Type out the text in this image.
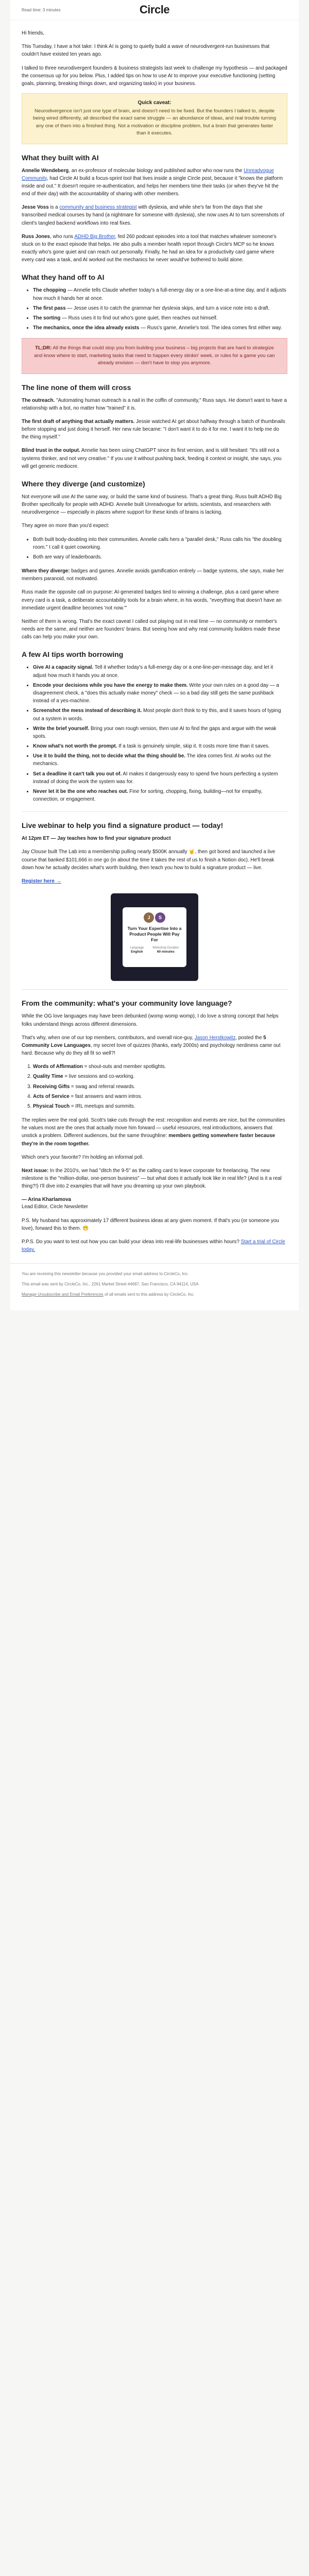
Read time: 3 minutes	Circle

Hi friends,

This Tuesday, I have a hot take: I think AI is going to quietly build a wave of neurodivergent-run businesses that couldn't have existed ten years ago.

I talked to three neurodivergent founders & business strategists last week to challenge my hypothesis — and packaged the consensus up for you below. Plus, I added tips on how to use AI to improve your executive functioning (setting goals, planning, breaking things down, and organizing tasks) in your business.

Quick caveat:
Neurodivergence isn't just one type of brain, and doesn't need to be fixed. But the founders I talked to, despite being wired differently, all described the exact same struggle — an abundance of ideas, and real trouble turning any one of them into a finished thing. Not a motivation or discipline problem, but a brain that generates faster than it executes.
What they built with AI

Annelie Wendeberg, an ex-professor of molecular biology and published author who now runs the Unreadvogue Community, had Circle AI build a focus-sprint tool that lives inside a single Circle post, because it "knows the platform inside and out." It doesn't require re-authentication, and helps her members time their tasks (or when they've hit the end of their day) with the accountability of sharing with other members.

Jesse Voss is a community and business strategist with dyslexia, and while she's far from the days that she transcribed medical courses by hand (a nightmare for someone with dyslexia), she now uses AI to turn screenshots of client's tangled backend workflows into real fixes.

Russ Jones, who runs ADHD Big Brother, fed 260 podcast episodes into a tool that matches whatever someone's stuck on to the exact episode that helps. He also pulls a member health report through Circle's MCP so he knows exactly who's gone quiet and can reach out personally. Finally, he had an idea for a productivity card game where every card was a task, and AI worked out the mechanics he never would've bothered to build alone.

What they hand off to AI
• The chopping — Annelie tells Claude whether today's a full-energy day or a one-line-at-a-time day, and it adjusts how much it hands her at once.
• The first pass — Jesse uses it to catch the grammar her dyslexia skips, and turn a voice note into a draft.
• The sorting — Russ uses it to find out who's gone quiet, then reaches out himself.
• The mechanics, once the idea already exists — Russ's game, Annelie's tool. The idea comes first either way.
TL;DR: All the things that could stop you from building your business – big projects that are hard to strategize and know where to start, marketing tasks that need to happen every stinkin' week, or rules for a game you can already envision — don't have to stop you anymore.
The line none of them will cross

The outreach. "Automating human outreach is a nail in the coffin of community," Russ says. He doesn't want to have a relationship with a bot, no matter how "trained" it is.

The first draft of anything that actually matters. Jessie watched AI get about halfway through a batch of thumbnails before stopping and just doing it herself. Her new rule became: "I don't want it to do it for me. I want it to help me do the thing myself."

Blind trust in the output. Annelie has been using ChatGPT since its first version, and is still hesitant: "It's still not a systems thinker, and not very creative." If you use it without pushing back, feeding it context or insight, she says, you will get generic mediocre.

Where they diverge (and customize)

Not everyone will use AI the same way, or build the same kind of business. That's a great thing. Russ built ADHD Big Brother specifically for people with ADHD. Annelie built Unreadvogue for artists, scientists, and researchers with neurodivergence — especially in places where support for these kinds of brains is lacking.

They agree on more than you'd expect:

• Both built body-doubling into their communities. Annelie calls hers a "parallel desk," Russ calls his "the doubling room." I call it quiet coworking.
• Both are wary of leaderboards.

Where they diverge: badges and games. Annelie avoids gamification entirely — badge systems, she says, make her members paranoid, not motivated.

Russ made the opposite call on purpose: AI-generated badges tied to winning a challenge, plus a card game where every card is a task, a deliberate accountability tools for a brain where, in his words, "everything that doesn't have an immediate urgent deadline becomes 'not now.'"

Neither of them is wrong. That's the exact caveat I called out playing out in real time — no community or member's needs are the same, and neither are founders' brains. But seeing how and why real community builders made these calls can help you make your own.

A few AI tips worth borrowing
• Give AI a capacity signal. Tell it whether today's a full-energy day or a one-line-per-message day, and let it adjust how much it hands you at once.
• Encode your decisions while you have the energy to make them. Write your own rules on a good day — a disagreement check, a "does this actually make money" check — so a bad day still gets the same pushback instead of a yes-machine.
• Screenshot the mess instead of describing it. Most people don't think to try this, and it saves hours of typing out a system in words.
• Write the brief yourself. Bring your own rough version, then use AI to find the gaps and argue with the weak spots.
• Know what's not worth the prompt. If a task is genuinely simple, skip it. It costs more time than it saves.
• Use it to build the thing, not to decide what the thing should be. The idea comes first. AI works out the mechanics.
• Set a deadline it can't talk you out of. AI makes it dangerously easy to spend five hours perfecting a system instead of doing the work the system was for.
• Never let it be the one who reaches out. Fine for sorting, chopping, fixing, building—not for empathy, connection, or engagement.
Live webinar to help you find a signature product — today!

At 12pm ET — Jay teaches how to find your signature product

Jay Clouse built The Lab into a membership pulling nearly $500K annually 🤘, then got bored and launched a live course that banked $101,666 in one go (in about the time it takes the rest of us to finish a Notion doc). He'll break down how he actually decides what's worth building, then teach you how to build a signature product — live.

Register here →

J	S
Turn Your Expertise Into a Product People Will Pay For
Language
English
Workshop Duration
60 minutes
From the community: what's your community love language?

While the OG love languages may have been debunked (womp womp womp), I do love a strong concept that helps folks understand things across different dimensions.

That's why, when one of our top members, contributors, and overall nice-guy, Jason Herstkowitz, posted the 5 Community Love Languages, my secret love of quizzes (thanks, early 2000s) and psychology nerdiness came out hard. Because why do they all fit so well?!

1. Words of Affirmation = shout-outs and member spotlights.
2. Quality Time = live sessions and co-working.
3. Receiving Gifts = swag and referral rewards.
4. Acts of Service = fast answers and warm intros.
5. Physical Touch = IRL meetups and summits.

The replies were the real gold. Scott's take cuts through the rest: recognition and events are nice, but the communities he values most are the ones that actually move him forward — useful resources, real introductions, answers that unstick a problem. Different audiences, but the same throughline: members getting somewhere faster because they're in the room together.

Which one's your favorite? I'm holding an informal poll.

Next issue: In the 2010's, we had "ditch the 9-5" as the calling card to leave corporate for freelancing. The new milestone is the "million-dollar, one-person business" — but what does it actually look like in real life? (And is it a real thing?!) I'll dive into 2 examples that will have you dreaming up your own playbook.

— Arina Kharlamova
Lead Editor, Circle Newsletter

P.S. My husband has approximately 17 different business ideas at any given moment. If that's you (or someone you love), forward this to them. 😬

P.P.S. Do you want to test out how you can build your ideas into real-life businesses within hours? Start a trial of Circle today.

You are receiving this newsletter because you provided your email address to CircleCo, Inc.

This email was sent by CircleCo, Inc., 2261 Market Street #4667, San Francisco, CA 94114, USA

Manage Unsubscribe and Email Preferences of all emails sent to this address by CircleCo, Inc.
